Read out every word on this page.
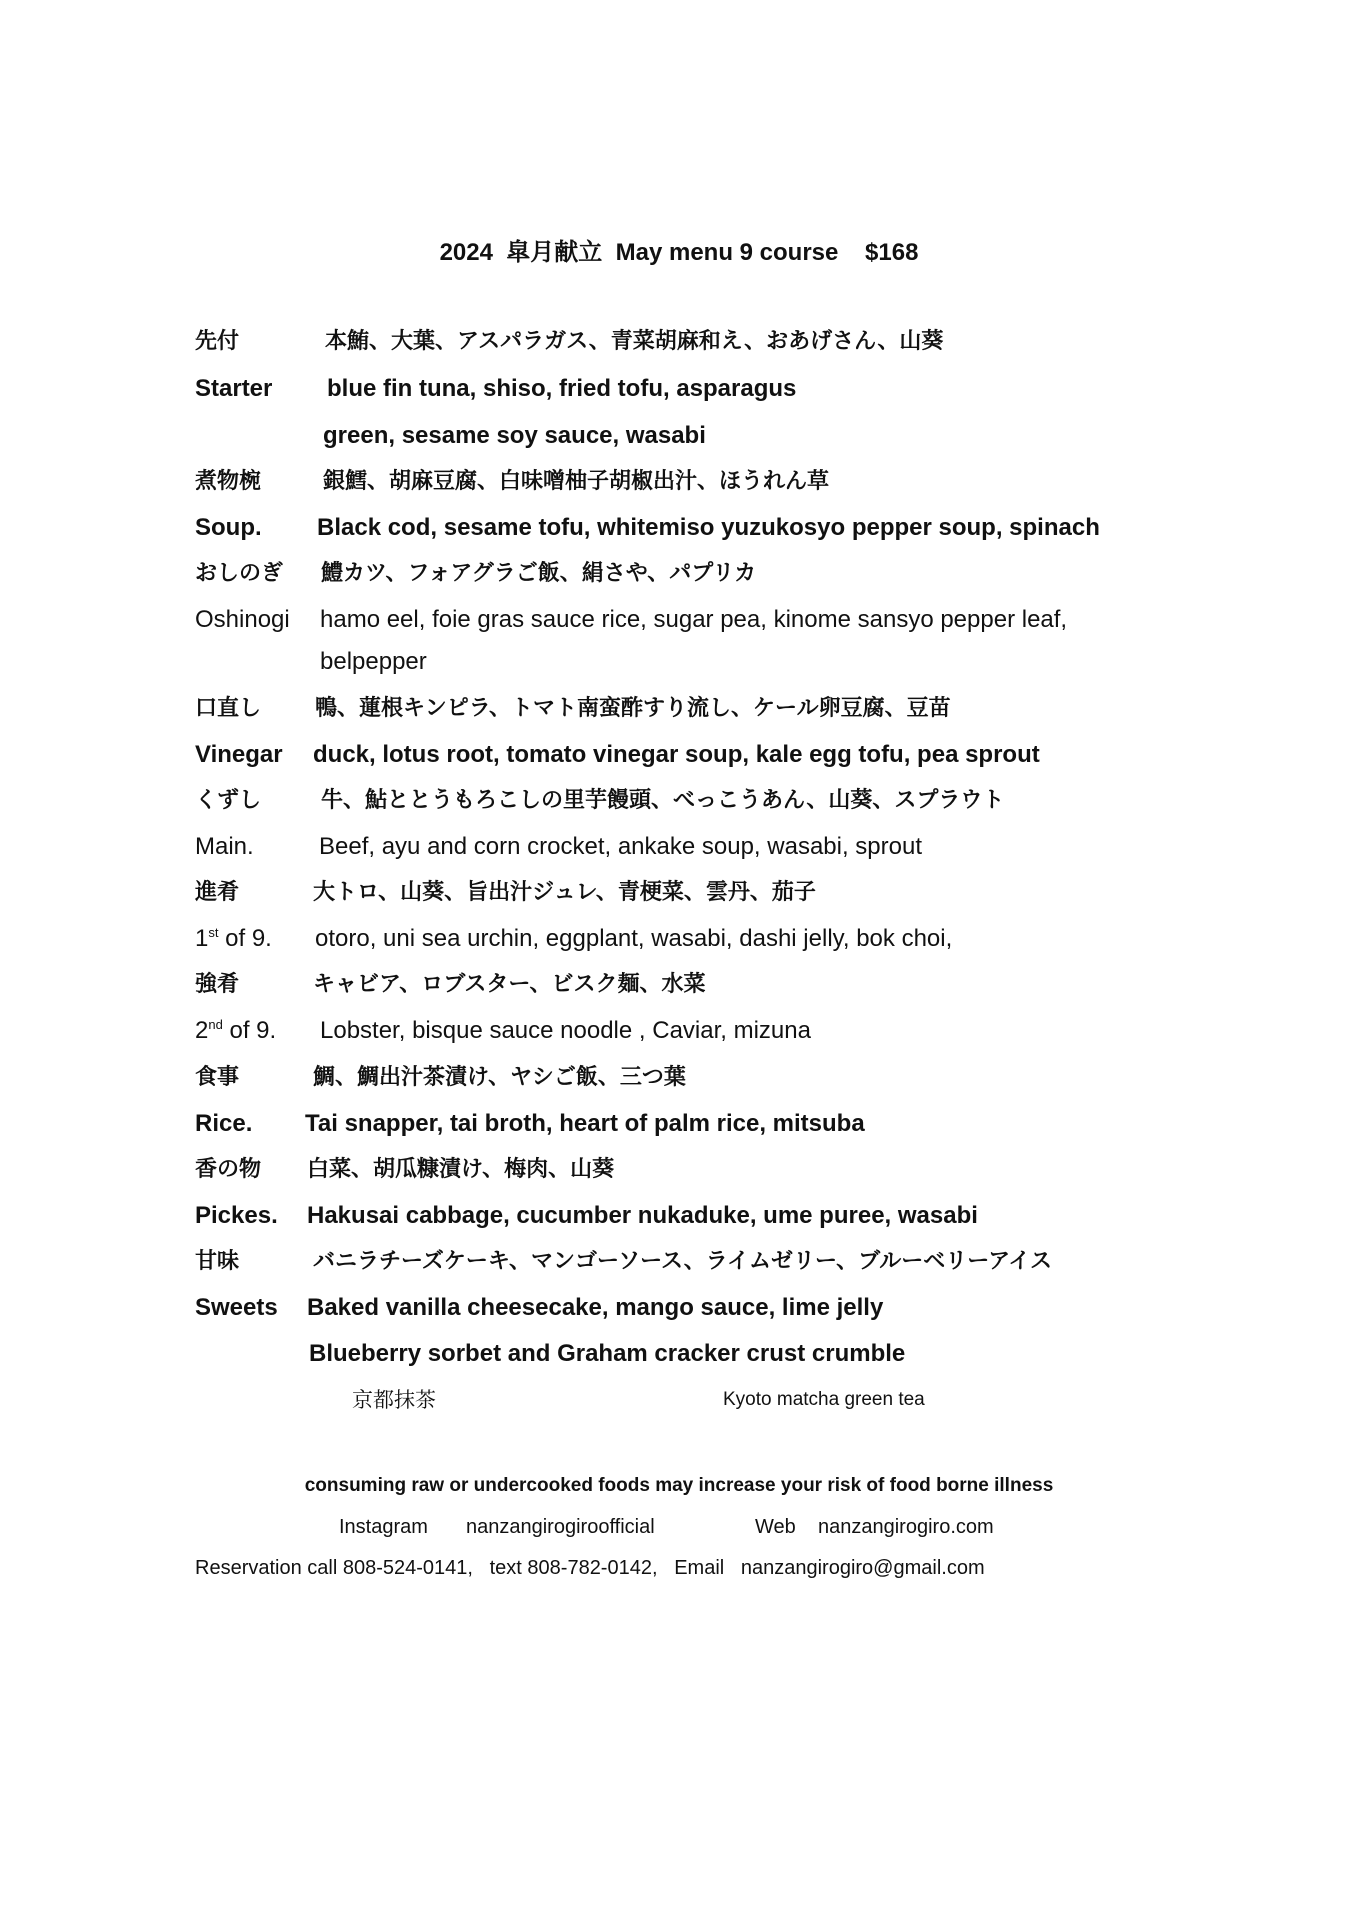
2024  皐月献立  May menu 9 course    $168
先付	本鮪、大葉、アスパラガス、青菜胡麻和え、おあげさん、山葵
Starter blue fin tuna, shiso, fried tofu, asparagus
green, sesame soy sauce, wasabi
煮物椀	銀鱈、胡麻豆腐、白味噌柚子胡椒出汁、ほうれん草
Soup. Black cod, sesame tofu, whitemiso yuzukosyo pepper soup, spinach
おしのぎ 鱧カツ、フォアグラご飯、絹さや、パプリカ
Oshinogi hamo eel, foie gras sauce rice, sugar pea, kinome sansyo pepper leaf,
belpepper
口直し 鴨、蓮根キンピラ、トマト南蛮酢すり流し、ケール卵豆腐、豆苗
Vinegar duck, lotus root, tomato vinegar soup, kale egg tofu, pea sprout
くずし	牛、鮎ととうもろこしの里芋饅頭、べっこうあん、山葵、スプラウト
Main.	Beef, ayu and corn crocket, ankake soup, wasabi, sprout
進肴	大トロ、山葵、旨出汁ジュレ、青梗菜、雲丹、茄子
1st of 9. otoro, uni sea urchin, eggplant, wasabi, dashi jelly, bok choi,
強肴	キャビア、ロブスター、ビスク麺、水菜
2nd of 9. Lobster, bisque sauce noodle , Caviar, mizuna
食事	鯛、鯛出汁茶漬け、ヤシご飯、三つ葉
Rice. Tai snapper, tai broth, heart of palm rice, mitsuba
香の物 白菜、胡瓜糠漬け、梅肉、山葵
Pickes. Hakusai cabbage, cucumber nukaduke, ume puree, wasabi
甘味	バニラチーズケーキ、マンゴーソース、ライムゼリー、ブルーベリーアイス
Sweets Baked vanilla cheesecake, mango sauce, lime jelly
Blueberry sorbet and Graham cracker crust crumble
京都抹茶	Kyoto matcha green tea
consuming raw or undercooked foods may increase your risk of food borne illness
Instagram nanzangirogiroofficial	Web nanzangirogiro.com
Reservation call 808-524-0141,   text 808-782-0142,   Email   nanzangirogiro@gmail.com
